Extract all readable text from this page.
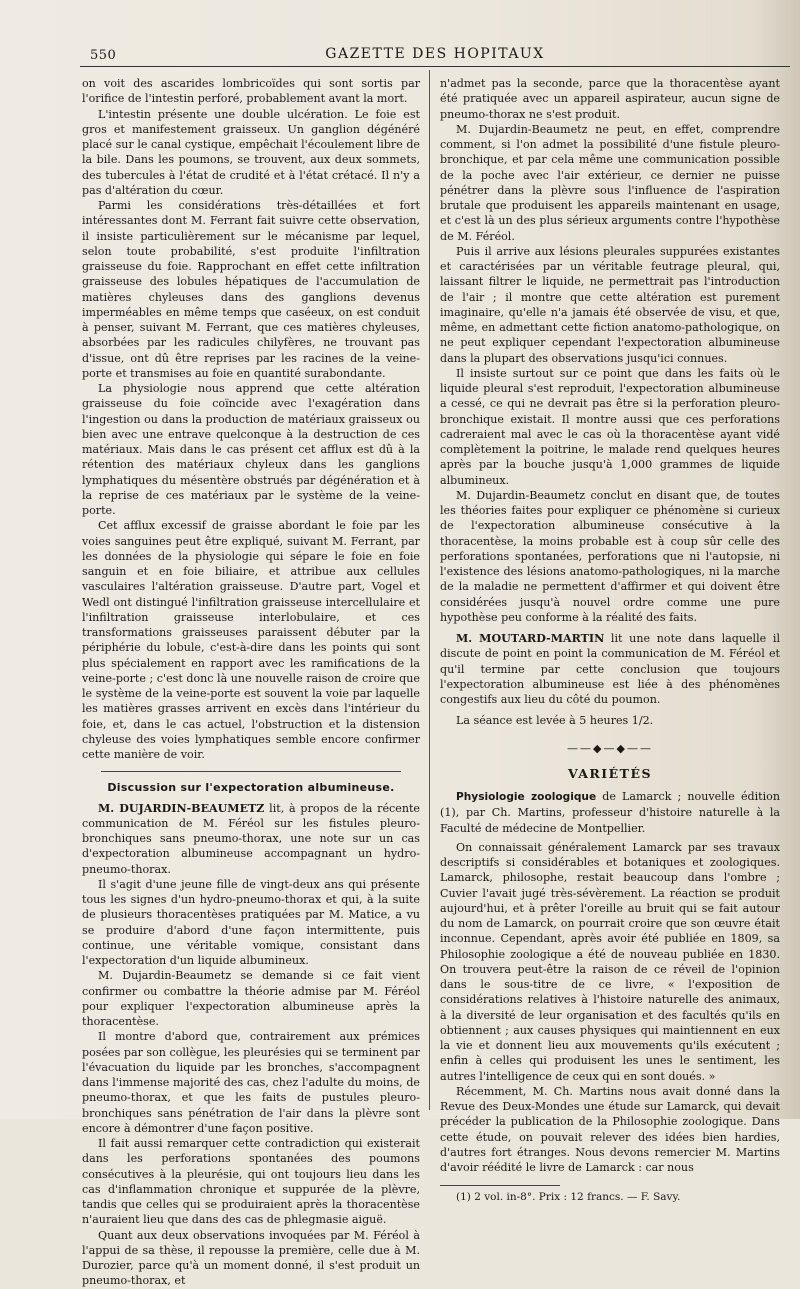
550	GAZETTE DES HOPITAUX

on voit des ascarides lombricoïdes qui sont sortis par l'orifice de l'intestin perforé, probablement avant la mort.

L'intestin présente une double ulcération. Le foie est gros et manifestement graisseux. Un ganglion dégénéré placé sur le canal cystique, empêchait l'écoulement libre de la bile. Dans les poumons, se trouvent, aux deux sommets, des tubercules à l'état de crudité et à l'état crétacé. Il n'y a pas d'altération du cœur.

Parmi les considérations très-détaillées et fort intéressantes dont M. Ferrant fait suivre cette observation, il insiste particulièrement sur le mécanisme par lequel, selon toute probabilité, s'est produite l'infiltration graisseuse du foie. Rapprochant en effet cette infiltration graisseuse des lobules hépatiques de l'accumulation de matières chyleuses dans des ganglions devenus imperméables en même temps que caséeux, on est conduit à penser, suivant M. Ferrant, que ces matières chyleuses, absorbées par les radicules chilyfères, ne trouvant pas d'issue, ont dû être reprises par les racines de la veine-porte et transmises au foie en quantité surabondante.

La physiologie nous apprend que cette altération graisseuse du foie coïncide avec l'exagération dans l'ingestion ou dans la production de matériaux graisseux ou bien avec une entrave quelconque à la destruction de ces matériaux. Mais dans le cas présent cet afflux est dû à la rétention des matériaux chyleux dans les ganglions lymphatiques du mésentère obstrués par dégénération et à la reprise de ces matériaux par le système de la veine-porte.

Cet afflux excessif de graisse abordant le foie par les voies sanguines peut être expliqué, suivant M. Ferrant, par les données de la physiologie qui sépare le foie en foie sanguin et en foie biliaire, et attribue aux cellules vasculaires l'altération graisseuse. D'autre part, Vogel et Wedl ont distingué l'infiltration graisseuse intercellulaire et l'infiltration graisseuse interlobulaire, et ces transformations graisseuses paraissent débuter par la périphérie du lobule, c'est-à-dire dans les points qui sont plus spécialement en rapport avec les ramifications de la veine-porte ; c'est donc là une nouvelle raison de croire que le système de la veine-porte est souvent la voie par laquelle les matières grasses arrivent en excès dans l'intérieur du foie, et, dans le cas actuel, l'obstruction et la distension chyleuse des voies lymphatiques semble encore confirmer cette manière de voir.

Discussion sur l'expectoration albumineuse.

M. DUJARDIN-BEAUMETZ lit, à propos de la récente communication de M. Féréol sur les fistules pleuro-bronchiques sans pneumo-thorax, une note sur un cas d'expectoration albumineuse accompagnant un hydro-pneumo-thorax.

Il s'agit d'une jeune fille de vingt-deux ans qui présente tous les signes d'un hydro-pneumo-thorax et qui, à la suite de plusieurs thoracentèses pratiquées par M. Matice, a vu se produire d'abord d'une façon intermittente, puis continue, une véritable vomique, consistant dans l'expectoration d'un liquide albumineux.

M. Dujardin-Beaumetz se demande si ce fait vient confirmer ou combattre la théorie admise par M. Féréol pour expliquer l'expectoration albumineuse après la thoracentèse.

Il montre d'abord que, contrairement aux prémices posées par son collègue, les pleurésies qui se terminent par l'évacuation du liquide par les bronches, s'accompagnent dans l'immense majorité des cas, chez l'adulte du moins, de pneumo-thorax, et que les faits de pustules pleuro-bronchiques sans pénétration de l'air dans la plèvre sont encore à démontrer d'une façon positive.

Il fait aussi remarquer cette contradiction qui existerait dans les perforations spontanées des poumons consécutives à la pleurésie, qui ont toujours lieu dans les cas d'inflammation chronique et suppurée de la plèvre, tandis que celles qui se produiraient après la thoracentèse n'auraient lieu que dans des cas de phlegmasie aiguë.

Quant aux deux observations invoquées par M. Féréol à l'appui de sa thèse, il repousse la première, celle due à M. Durozier, parce qu'à un moment donné, il s'est produit un pneumo-thorax, et

n'admet pas la seconde, parce que la thoracentèse ayant été pratiquée avec un appareil aspirateur, aucun signe de pneumo-thorax ne s'est produit.

M. Dujardin-Beaumetz ne peut, en effet, comprendre comment, si l'on admet la possibilité d'une fistule pleuro-bronchique, et par cela même une communication possible de la poche avec l'air extérieur, ce dernier ne puisse pénétrer dans la plèvre sous l'influence de l'aspiration brutale que produisent les appareils maintenant en usage, et c'est là un des plus sérieux arguments contre l'hypothèse de M. Féréol.

Puis il arrive aux lésions pleurales suppurées existantes et caractérisées par un véritable feutrage pleural, qui, laissant filtrer le liquide, ne permettrait pas l'introduction de l'air ; il montre que cette altération est purement imaginaire, qu'elle n'a jamais été observée de visu, et que, même, en admettant cette fiction anatomo-pathologique, on ne peut expliquer cependant l'expectoration albumineuse dans la plupart des observations jusqu'ici connues.

Il insiste surtout sur ce point que dans les faits où le liquide pleural s'est reproduit, l'expectoration albumineuse a cessé, ce qui ne devrait pas être si la perforation pleuro-bronchique existait. Il montre aussi que ces perforations cadreraient mal avec le cas où la thoracentèse ayant vidé complètement la poitrine, le malade rend quelques heures après par la bouche jusqu'à 1,000 grammes de liquide albumineux.

M. Dujardin-Beaumetz conclut en disant que, de toutes les théories faites pour expliquer ce phénomène si curieux de l'expectoration albumineuse consécutive à la thoracentèse, la moins probable est à coup sûr celle des perforations spontanées, perforations que ni l'autopsie, ni l'existence des lésions anatomo-pathologiques, ni la marche de la maladie ne permettent d'affirmer et qui doivent être considérées jusqu'à nouvel ordre comme une pure hypothèse peu conforme à la réalité des faits.

M. MOUTARD-MARTIN lit une note dans laquelle il discute de point en point la communication de M. Féréol et qu'il termine par cette conclusion que toujours l'expectoration albumineuse est liée à des phénomènes congestifs aux lieu du côté du poumon.

La séance est levée à 5 heures 1/2.

——◆—◆——
VARIÉTÉS

Physiologie zoologique de Lamarck ; nouvelle édition (1), par Ch. Martins, professeur d'histoire naturelle à la Faculté de médecine de Montpellier.

On connaissait généralement Lamarck par ses travaux descriptifs si considérables et botaniques et zoologiques. Lamarck, philosophe, restait beaucoup dans l'ombre ; Cuvier l'avait jugé très-sévèrement. La réaction se produit aujourd'hui, et à prêter l'oreille au bruit qui se fait autour du nom de Lamarck, on pourrait croire que son œuvre était inconnue. Cependant, après avoir été publiée en 1809, sa Philosophie zoologique a été de nouveau publiée en 1830. On trouvera peut-être la raison de ce réveil de l'opinion dans le sous-titre de ce livre, « l'exposition de considérations relatives à l'histoire naturelle des animaux, à la diversité de leur organisation et des facultés qu'ils en obtiennent ; aux causes physiques qui maintiennent en eux la vie et donnent lieu aux mouvements qu'ils exécutent ; enfin à celles qui produisent les unes le sentiment, les autres l'intelligence de ceux qui en sont doués. »

Récemment, M. Ch. Martins nous avait donné dans la Revue des Deux-Mondes une étude sur Lamarck, qui devait précéder la publication de la Philosophie zoologique. Dans cette étude, on pouvait relever des idées bien hardies, d'autres fort étranges. Nous devons remercier M. Martins d'avoir réédité le livre de Lamarck : car nous

(1) 2 vol. in-8°. Prix : 12 francs. — F. Savy.
